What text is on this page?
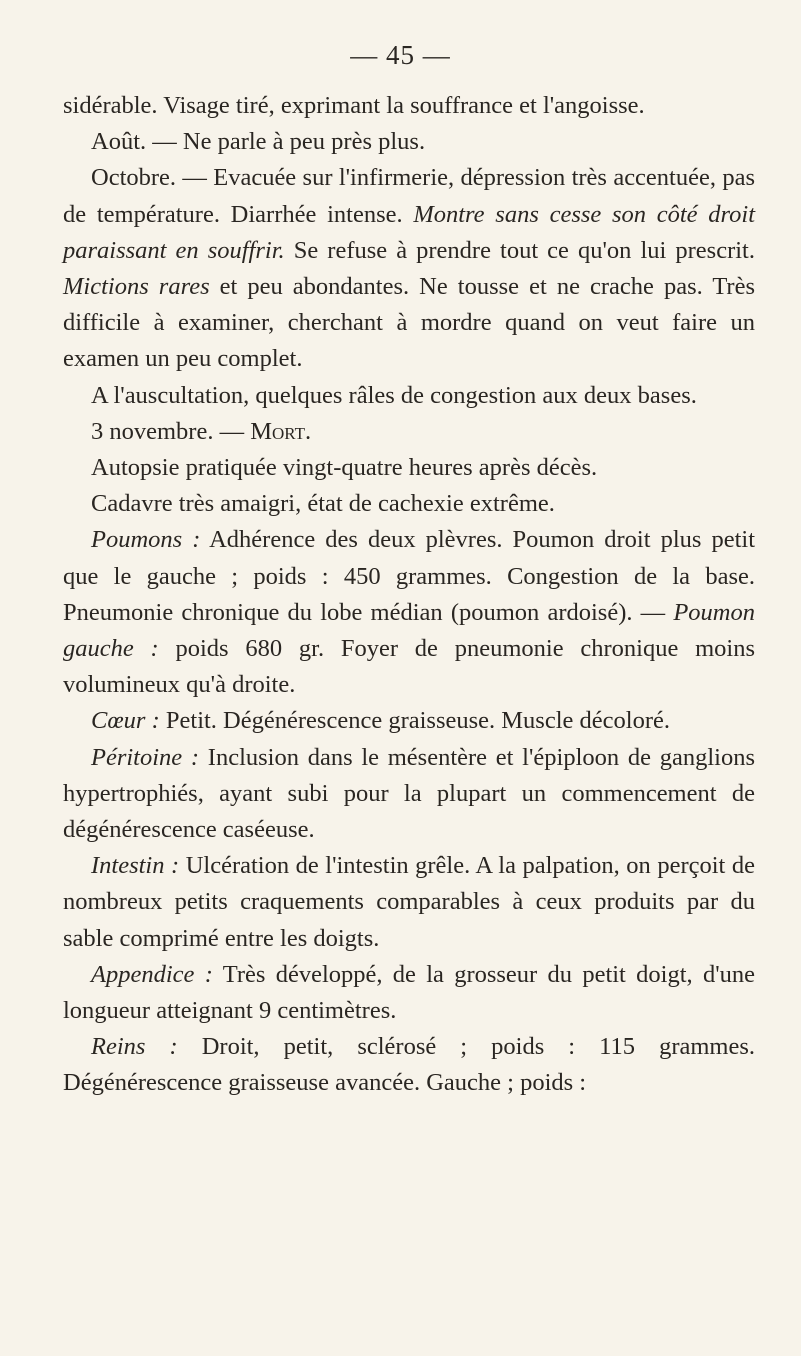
— 45 —

sidérable. Visage tiré, exprimant la souffrance et l'angoisse.

Août. — Ne parle à peu près plus.

Octobre. — Evacuée sur l'infirmerie, dépression très accentuée, pas de température. Diarrhée intense. Montre sans cesse son côté droit paraissant en souffrir. Se refuse à prendre tout ce qu'on lui prescrit. Mictions rares et peu abondantes. Ne tousse et ne crache pas. Très difficile à examiner, cherchant à mordre quand on veut faire un examen un peu complet.

A l'auscultation, quelques râles de congestion aux deux bases.

3 novembre. — Mort.

Autopsie pratiquée vingt-quatre heures après décès.

Cadavre très amaigri, état de cachexie extrême.

Poumons : Adhérence des deux plèvres. Poumon droit plus petit que le gauche ; poids : 450 grammes. Congestion de la base. Pneumonie chronique du lobe médian (poumon ardoisé). — Poumon gauche : poids 680 gr. Foyer de pneumonie chronique moins volumineux qu'à droite.

Cœur : Petit. Dégénérescence graisseuse. Muscle décoloré.

Péritoine : Inclusion dans le mésentère et l'épiploon de ganglions hypertrophiés, ayant subi pour la plupart un commencement de dégénérescence caséeuse.

Intestin : Ulcération de l'intestin grêle. A la palpation, on perçoit de nombreux petits craquements comparables à ceux produits par du sable comprimé entre les doigts.

Appendice : Très développé, de la grosseur du petit doigt, d'une longueur atteignant 9 centimètres.

Reins : Droit, petit, sclérosé ; poids : 115 grammes. Dégénérescence graisseuse avancée. Gauche ; poids :
